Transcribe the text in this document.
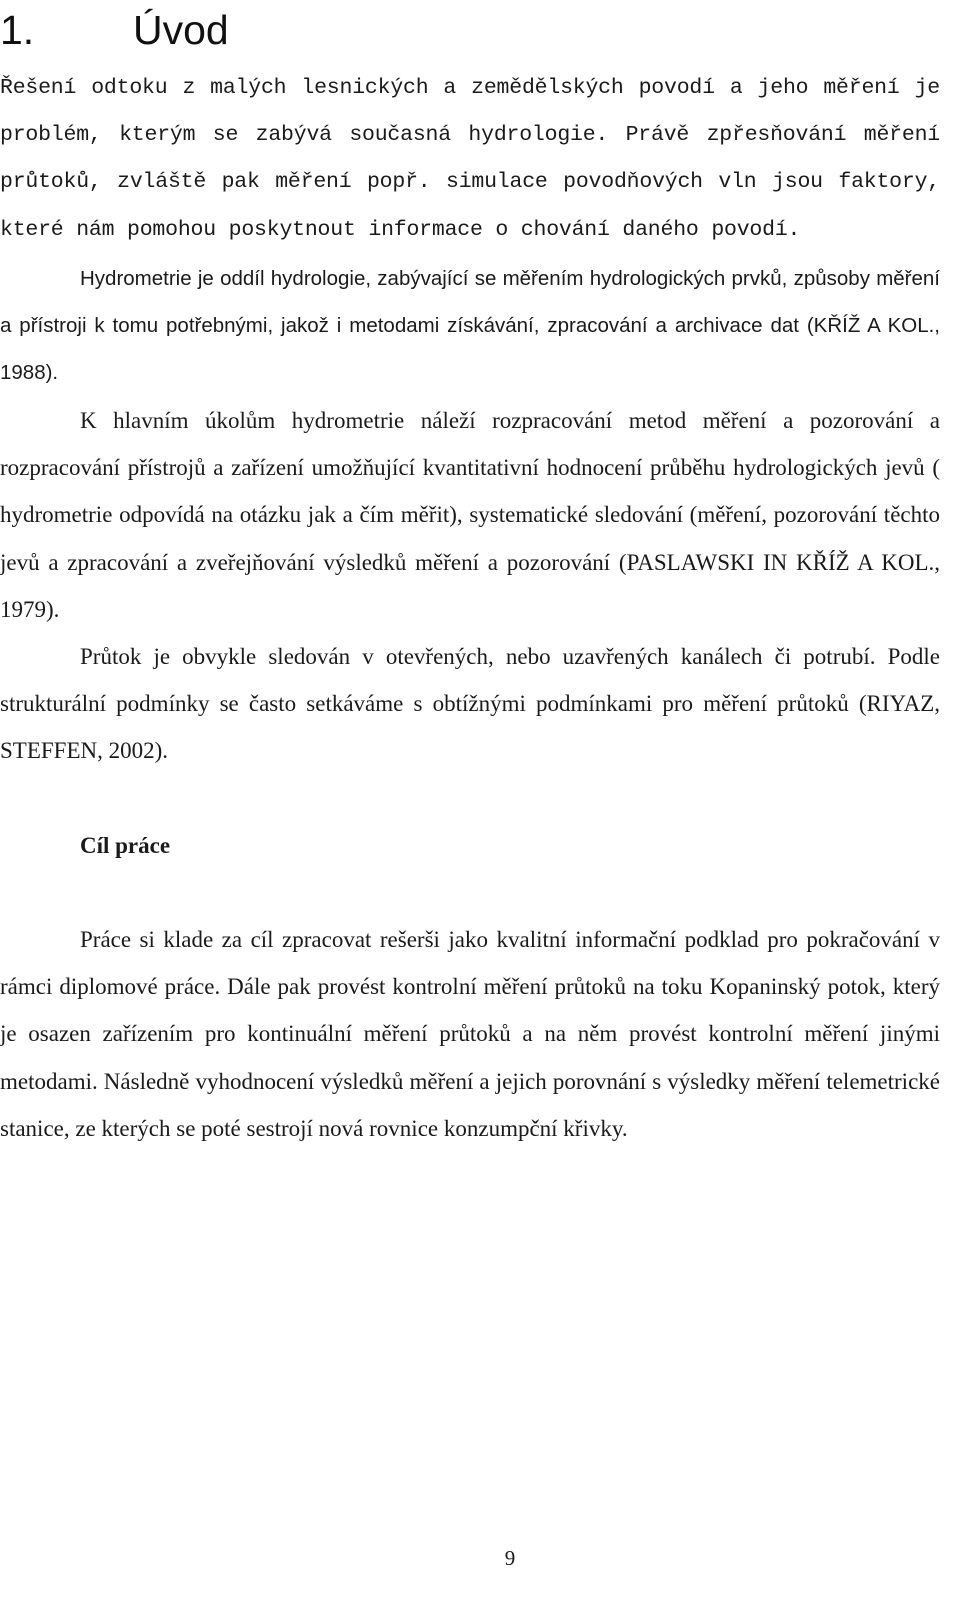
1. Úvod

Řešení odtoku z malých lesnických a zemědělských povodí a jeho měření je problém, kterým se zabývá současná hydrologie. Právě zpřesňování měření průtoků, zvláště pak měření popř. simulace povodňových vln jsou faktory, které nám pomohou poskytnout informace o chování daného povodí.

Hydrometrie je oddíl hydrologie, zabývající se měřením hydrologických prvků, způsoby měření a přístroji k tomu potřebnými, jakož i metodami získávání, zpracování a archivace dat (KŘÍŽ A KOL., 1988).

K hlavním úkolům hydrometrie náleží rozpracování metod měření a pozorování a rozpracování přístrojů a zařízení umožňující kvantitativní hodnocení průběhu hydrologických jevů ( hydrometrie odpovídá na otázku jak a čím měřit), systematické sledování (měření, pozorování těchto jevů a zpracování a zveřejňování výsledků měření a pozorování (PASLAWSKI IN KŘÍŽ A KOL., 1979).

Průtok je obvykle sledován v otevřených, nebo uzavřených kanálech či potrubí. Podle strukturální podmínky se často setkáváme s obtížnými podmínkami pro měření průtoků (RIYAZ, STEFFEN, 2002).

Cíl práce

Práce si klade za cíl zpracovat rešerši jako kvalitní informační podklad pro pokračování v rámci diplomové práce. Dále pak provést kontrolní měření průtoků na toku Kopaninský potok, který je osazen zařízením pro kontinuální měření průtoků a na něm provést kontrolní měření jinými metodami. Následně vyhodnocení výsledků měření a jejich porovnání s výsledky měření telemetrické stanice, ze kterých se poté sestrojí nová rovnice konzumpční křivky.

9
